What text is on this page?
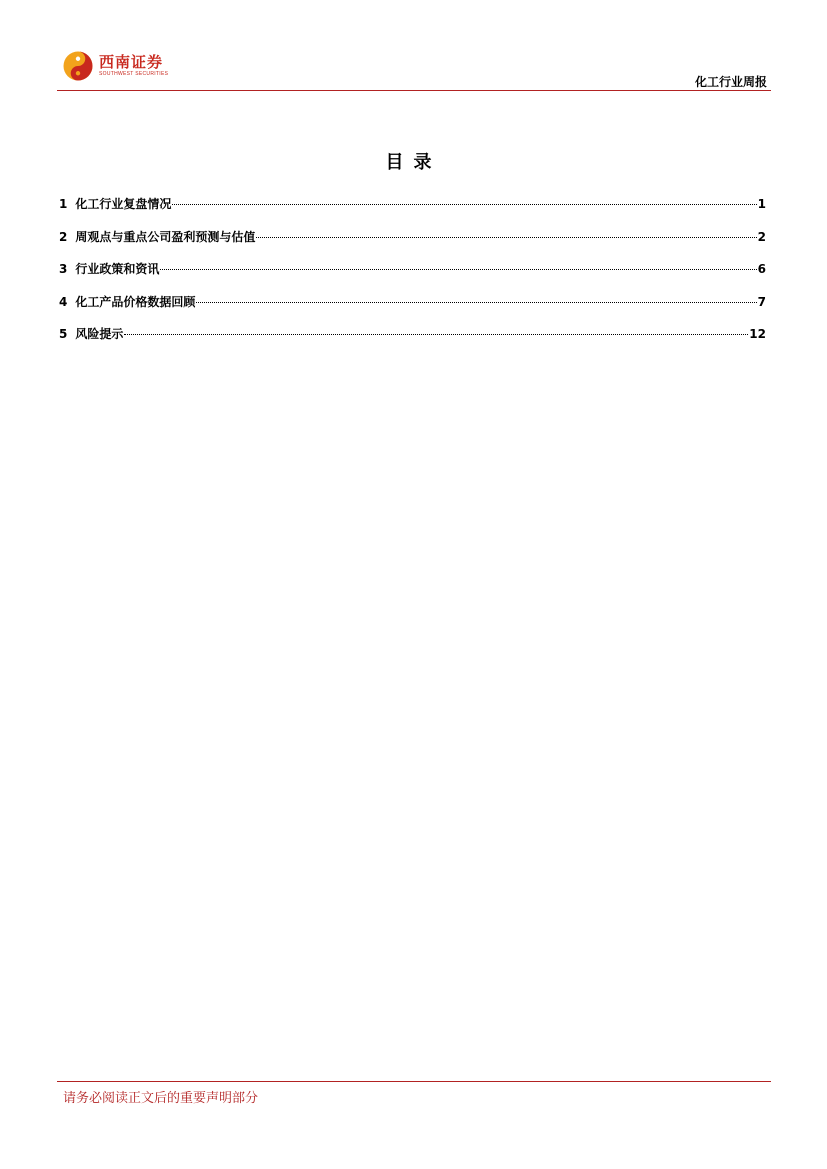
西南证券
SOUTHWEST SECURITIES
化工行业周报
目录
1 化工行业复盘情况	1
2 周观点与重点公司盈利预测与估值	2
3 行业政策和资讯	6
4 化工产品价格数据回顾	7
5 风险提示	12
请务必阅读正文后的重要声明部分
